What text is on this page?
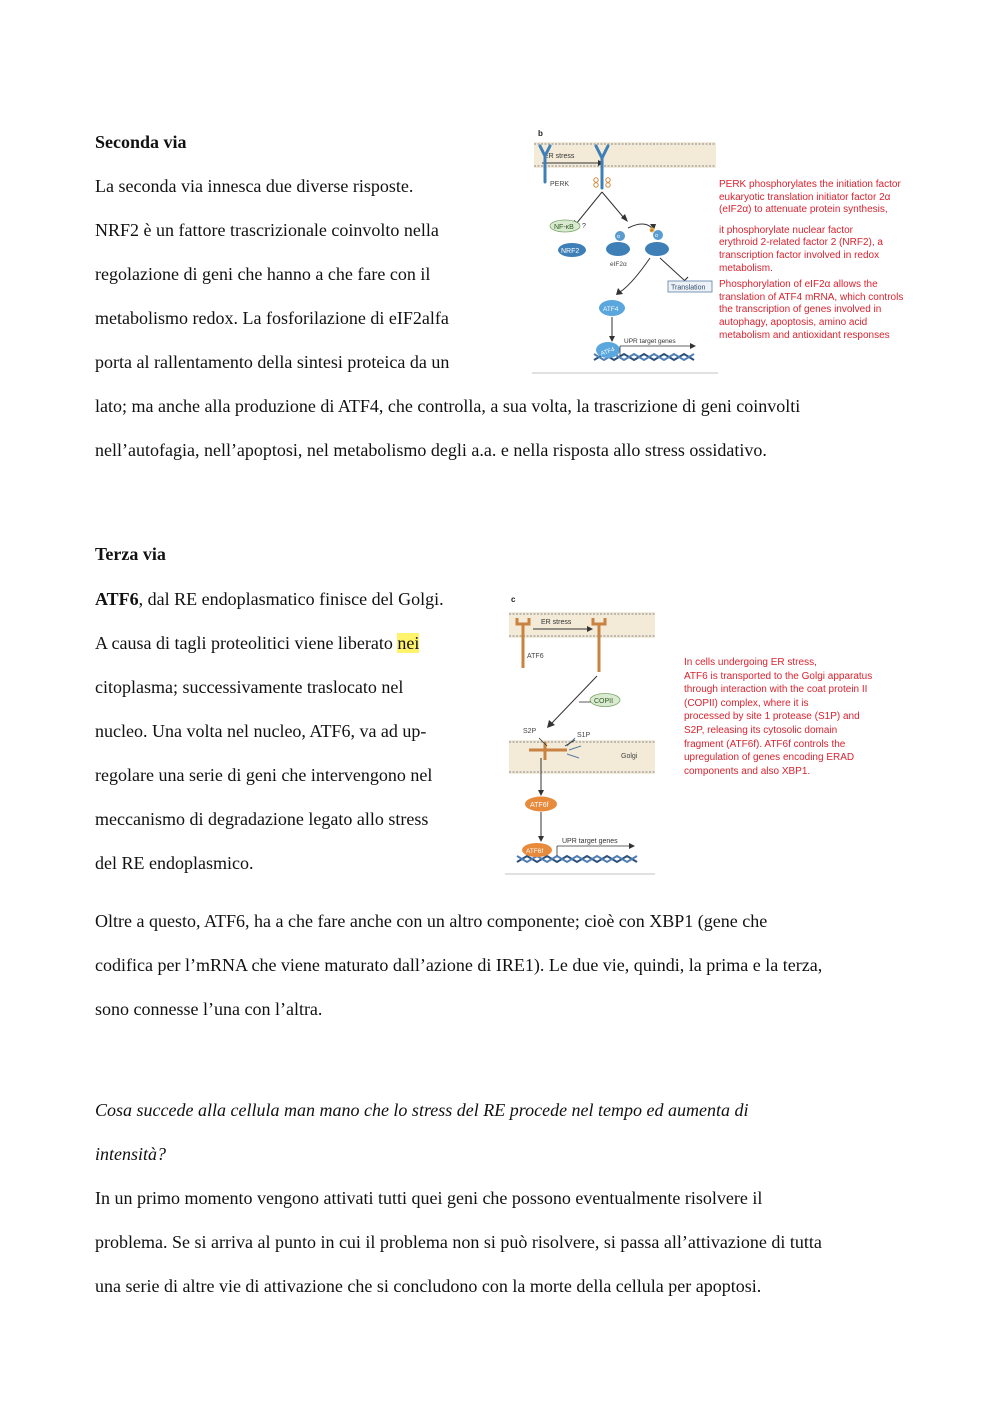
Seconda via
La seconda via innesca due diverse risposte.
NRF2 è un fattore trascrizionale coinvolto nella
regolazione di geni che hanno a che fare con il
metabolismo redox. La fosforilazione di eIF2alfa
porta al rallentamento della sintesi proteica da un
lato; ma anche alla produzione di ATF4, che controlla, a sua volta, la trascrizione di geni coinvolti
nell’autofagia, nell’apoptosi, nel metabolismo degli a.a. e nella risposta allo stress ossidativo.
b
ER stress
PERK
NF-κB ?
NRF2
α
eIF2α
α
P
Translation
ATF4
ATF4
UPR target genes
PERK phosphorylates the initiation factor
eukaryotic translation initiator factor 2α
(eIF2α) to attenuate protein synthesis,
it phosphorylate nuclear factor
erythroid 2-related factor 2 (NRF2), a
transcription factor involved in redox
metabolism.
Phosphorylation of eIF2α allows the
translation of ATF4 mRNA, which controls
the transcription of genes involved in
autophagy, apoptosis, amino acid
metabolism and antioxidant responses
Terza via
ATF6, dal RE endoplasmatico finisce del Golgi.
A causa di tagli proteolitici viene liberato nei
citoplasma; successivamente traslocato nel
nucleo. Una volta nel nucleo, ATF6, va ad up-
regolare una serie di geni che intervengono nel
meccanismo di degradazione legato allo stress
del RE endoplasmico.
c
ER stress
ATF6
COPII
Golgi
S2P
S1P
ATF6f
ATF6f
UPR target genes
In cells undergoing ER stress,
ATF6 is transported to the Golgi apparatus
through interaction with the coat protein II
(COPII) complex, where it is
processed by site 1 protease (S1P) and
S2P, releasing its cytosolic domain
fragment (ATF6f). ATF6f controls the
upregulation of genes encoding ERAD
components and also XBP1.
Oltre a questo, ATF6, ha a che fare anche con un altro componente; cioè con XBP1 (gene che
codifica per l’mRNA che viene maturato dall’azione di IRE1). Le due vie, quindi, la prima e la terza,
sono connesse l’una con l’altra.
Cosa succede alla cellula man mano che lo stress del RE procede nel tempo ed aumenta di
intensità?
In un primo momento vengono attivati tutti quei geni che possono eventualmente risolvere il
problema. Se si arriva al punto in cui il problema non si può risolvere, si passa all’attivazione di tutta
una serie di altre vie di attivazione che si concludono con la morte della cellula per apoptosi.
